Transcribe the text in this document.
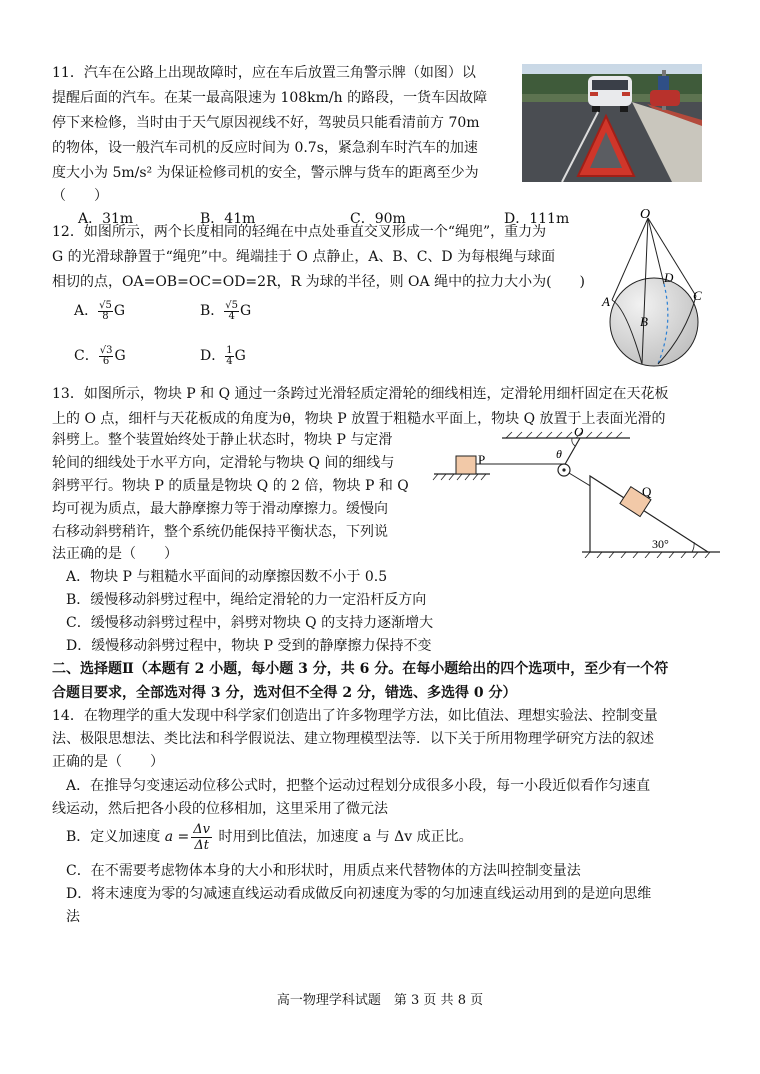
11．汽车在公路上出现故障时，应在车后放置三角警示牌（如图）以
提醒后面的汽车。在某一最高限速为 108km/h 的路段，一货车因故障
停下来检修，当时由于天气原因视线不好，驾驶员只能看清前方 70m
的物体，设一般汽车司机的反应时间为 0.7s，紧急刹车时汽车的加速
度大小为 5m/s² 为保证检修司机的安全，警示牌与货车的距离至少为
（　　）
A．31m	B．41m	C．90m	D．111m
12．如图所示，两个长度相同的轻绳在中点处垂直交叉形成一个“绳兜”，重力为
G 的光滑球静置于“绳兜”中。绳端挂于 O 点静止，A、B、C、D 为每根绳与球面
相切的点，OA=OB=OC=OD=2R，R 为球的半径，则 OA 绳中的拉力大小为(　　)
A． $\frac{√5}{8}$ G	B． $\frac{√5}{4}$ G
C． $\frac{√3}{6}$ G	D． $\frac{1}{4}$ G
O
A
B
C
D
13．如图所示，物块 P 和 Q 通过一条跨过光滑轻质定滑轮的细线相连，定滑轮用细杆固定在天花板
上的 O 点，细杆与天花板成的角度为θ，物块 P 放置于粗糙水平面上，物块 Q 放置于上表面光滑的
斜劈上。整个装置始终处于静止状态时，物块 P 与定滑
轮间的细线处于水平方向，定滑轮与物块 Q 间的细线与
斜劈平行。物块 P 的质量是物块 Q 的 2 倍，物块 P 和 Q
均可视为质点，最大静摩擦力等于滑动摩擦力。缓慢向
右移动斜劈稍许，整个系统仍能保持平衡状态，下列说
法正确的是（　　）
A．物块 P 与粗糙水平面间的动摩擦因数不小于 0.5
B．缓慢移动斜劈过程中，绳给定滑轮的力一定沿杆反方向
C．缓慢移动斜劈过程中，斜劈对物块 Q 的支持力逐渐增大
D．缓慢移动斜劈过程中，物块 P 受到的静摩擦力保持不变
P
O
θ
Q
30°
二、选择题Ⅱ（本题有 2 小题，每小题 3 分，共 6 分。在每小题给出的四个选项中，至少有一个符
合题目要求，全部选对得 3 分，选对但不全得 2 分，错选、多选得 0 分）
14．在物理学的重大发现中科学家们创造出了许多物理学方法，如比值法、理想实验法、控制变量
法、极限思想法、类比法和科学假说法、建立物理模型法等．以下关于所用物理学研究方法的叙述
正确的是（　　）
A．在推导匀变速运动位移公式时，把整个运动过程划分成很多小段，每一小段近似看作匀速直
线运动，然后把各小段的位移相加，这里采用了微元法
B．定义加速度 $a = \frac{\Delta v}{\Delta t}$ 时用到比值法，加速度 a 与 Δv 成正比。
C．在不需要考虑物体本身的大小和形状时，用质点来代替物体的方法叫控制变量法
D．将末速度为零的匀减速直线运动看成做反向初速度为零的匀加速直线运动用到的是逆向思维
法
高一物理学科试题　第 3 页 共 8 页
